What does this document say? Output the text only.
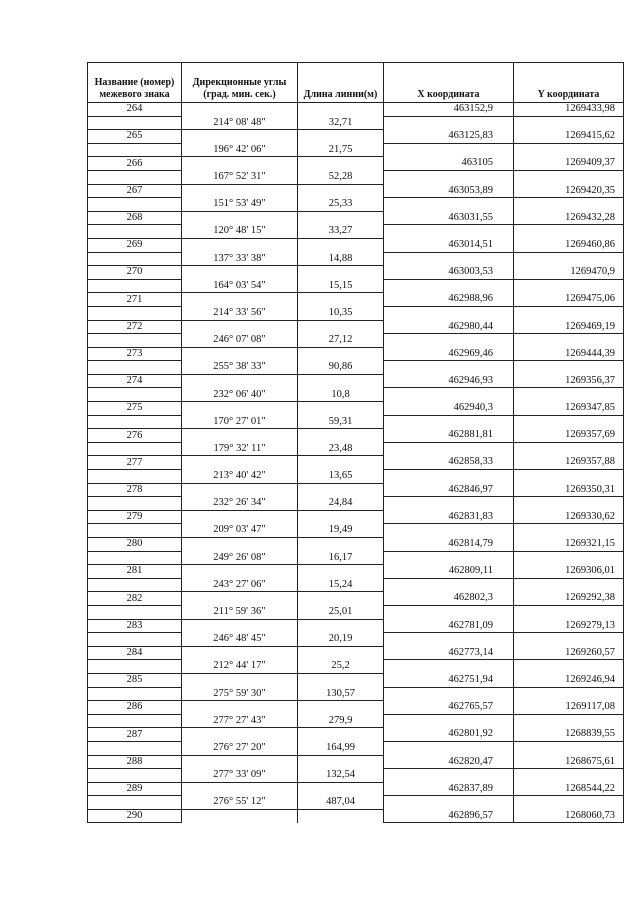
Название (номер) межевого знака	Дирекционные углы (град. мин. сек.)	Длина линии(м)	X координата	Y координата
264			463152,9	1269433,98
	214° 08' 48"	32,71		
265			463125,83	1269415,62
	196° 42' 06"	21,75		
266			463105	1269409,37
	167° 52' 31"	52,28		
267			463053,89	1269420,35
	151° 53' 49"	25,33		
268			463031,55	1269432,28
	120° 48' 15"	33,27		
269			463014,51	1269460,86
	137° 33' 38"	14,88		
270			463003,53	1269470,9
	164° 03' 54"	15,15		
271			462988,96	1269475,06
	214° 33' 56"	10,35		
272			462980,44	1269469,19
	246° 07' 08"	27,12		
273			462969,46	1269444,39
	255° 38' 33"	90,86		
274			462946,93	1269356,37
	232° 06' 40"	10,8		
275			462940,3	1269347,85
	170° 27' 01"	59,31		
276			462881,81	1269357,69
	179° 32' 11"	23,48		
277			462858,33	1269357,88
	213° 40' 42"	13,65		
278			462846,97	1269350,31
	232° 26' 34"	24,84		
279			462831,83	1269330,62
	209° 03' 47"	19,49		
280			462814,79	1269321,15
	249° 26' 08"	16,17		
281			462809,11	1269306,01
	243° 27' 06"	15,24		
282			462802,3	1269292,38
	211° 59' 36"	25,01		
283			462781,09	1269279,13
	246° 48' 45"	20,19		
284			462773,14	1269260,57
	212° 44' 17"	25,2		
285			462751,94	1269246,94
	275° 59' 30"	130,57		
286			462765,57	1269117,08
	277° 27' 43"	279,9		
287			462801,92	1268839,55
	276° 27' 20"	164,99		
288			462820,47	1268675,61
	277° 33' 09"	132,54		
289			462837,89	1268544,22
	276° 55' 12"	487,04		
290			462896,57	1268060,73
